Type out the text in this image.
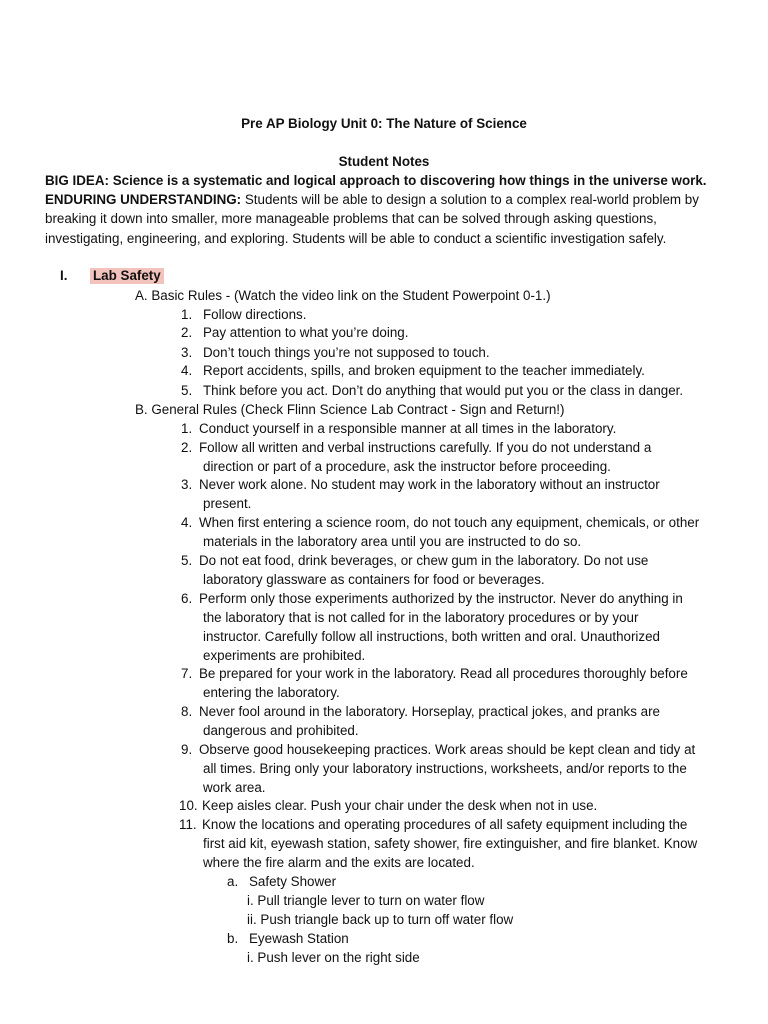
Pre AP Biology Unit 0: The Nature of Science
Student Notes
BIG IDEA: Science is a systematic and logical approach to discovering how things in the universe work.
ENDURING UNDERSTANDING: Students will be able to design a solution to a complex real-world problem by
breaking it down into smaller, more manageable problems that can be solved through asking questions,
investigating, engineering, and exploring. Students will be able to conduct a scientific investigation safely.
I. Lab Safety
A. Basic Rules - (Watch the video link on the Student Powerpoint 0-1.)
1. Follow directions.
2. Pay attention to what you’re doing.
3. Don’t touch things you’re not supposed to touch.
4. Report accidents, spills, and broken equipment to the teacher immediately.
5. Think before you act. Don’t do anything that would put you or the class in danger.
B. General Rules (Check Flinn Science Lab Contract - Sign and Return!)
1. Conduct yourself in a responsible manner at all times in the laboratory.
2. Follow all written and verbal instructions carefully. If you do not understand a
direction or part of a procedure, ask the instructor before proceeding.
3. Never work alone. No student may work in the laboratory without an instructor
present.
4. When first entering a science room, do not touch any equipment, chemicals, or other
materials in the laboratory area until you are instructed to do so.
5. Do not eat food, drink beverages, or chew gum in the laboratory. Do not use
laboratory glassware as containers for food or beverages.
6. Perform only those experiments authorized by the instructor. Never do anything in
the laboratory that is not called for in the laboratory procedures or by your
instructor. Carefully follow all instructions, both written and oral. Unauthorized
experiments are prohibited.
7. Be prepared for your work in the laboratory. Read all procedures thoroughly before
entering the laboratory.
8. Never fool around in the laboratory. Horseplay, practical jokes, and pranks are
dangerous and prohibited.
9. Observe good housekeeping practices. Work areas should be kept clean and tidy at
all times. Bring only your laboratory instructions, worksheets, and/or reports to the
work area.
10. Keep aisles clear. Push your chair under the desk when not in use.
11. Know the locations and operating procedures of all safety equipment including the
first aid kit, eyewash station, safety shower, fire extinguisher, and fire blanket. Know
where the fire alarm and the exits are located.
a. Safety Shower
i. Pull triangle lever to turn on water flow
ii. Push triangle back up to turn off water flow
b. Eyewash Station
i. Push lever on the right side
